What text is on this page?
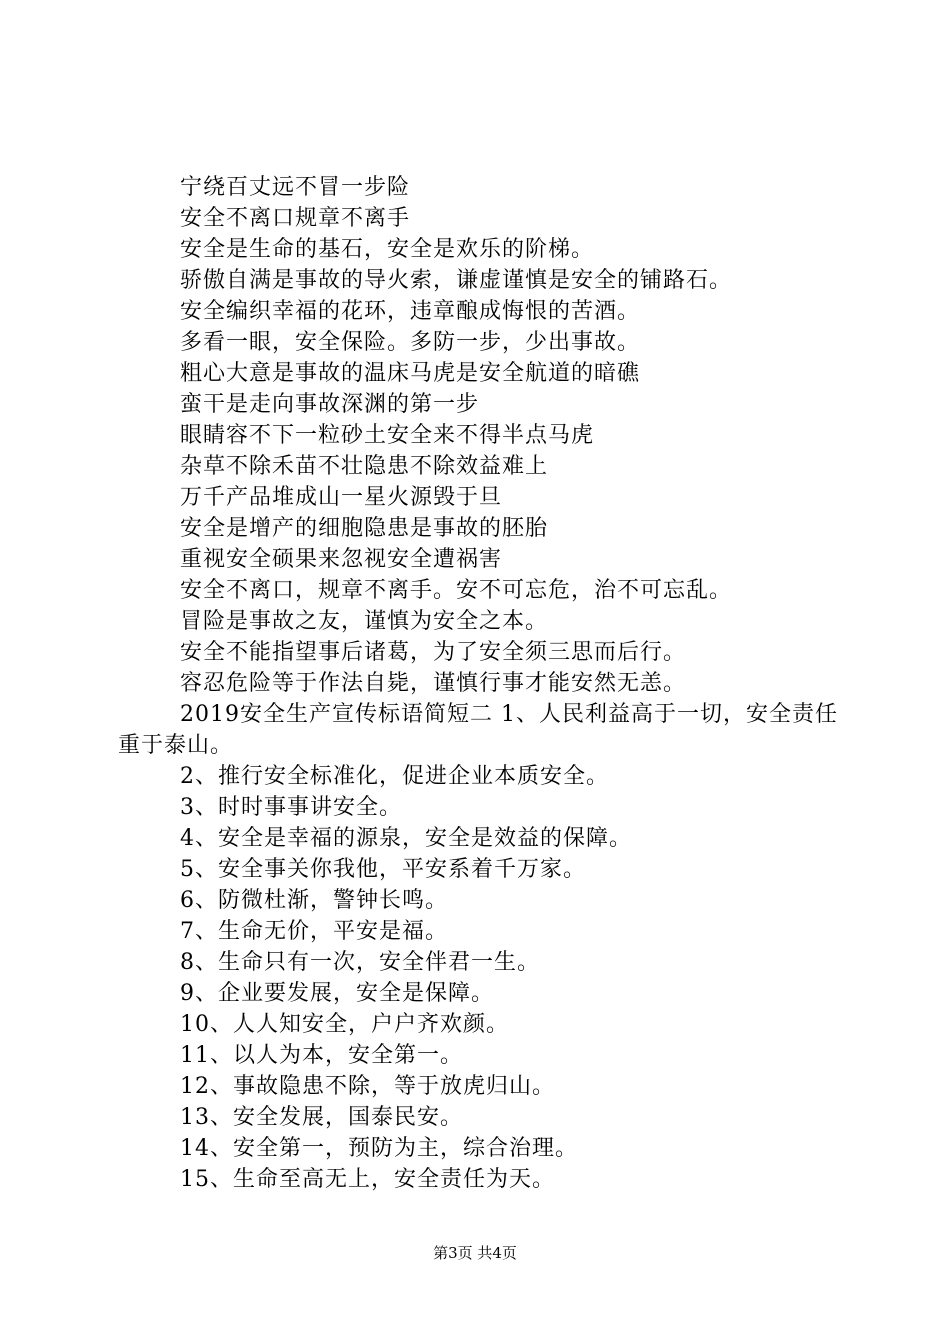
宁绕百丈远不冒一步险
安全不离口规章不离手
安全是生命的基石，安全是欢乐的阶梯。
骄傲自满是事故的导火索，谦虚谨慎是安全的铺路石。
安全编织幸福的花环，违章酿成悔恨的苦酒。
多看一眼，安全保险。多防一步，少出事故。
粗心大意是事故的温床马虎是安全航道的暗礁
蛮干是走向事故深渊的第一步
眼睛容不下一粒砂土安全来不得半点马虎
杂草不除禾苗不壮隐患不除效益难上
万千产品堆成山一星火源毁于旦
安全是增产的细胞隐患是事故的胚胎
重视安全硕果来忽视安全遭祸害
安全不离口，规章不离手。安不可忘危，治不可忘乱。
冒险是事故之友，谨慎为安全之本。
安全不能指望事后诸葛，为了安全须三思而后行。
容忍危险等于作法自毙，谨慎行事才能安然无恙。
2019安全生产宣传标语简短二 1、人民利益高于一切，安全责任重于泰山。
2、推行安全标准化，促进企业本质安全。
3、时时事事讲安全。
4、安全是幸福的源泉，安全是效益的保障。
5、安全事关你我他，平安系着千万家。
6、防微杜渐，警钟长鸣。
7、生命无价，平安是福。
8、生命只有一次，安全伴君一生。
9、企业要发展，安全是保障。
10、人人知安全，户户齐欢颜。
11、以人为本，安全第一。
12、事故隐患不除，等于放虎归山。
13、安全发展，国泰民安。
14、安全第一，预防为主，综合治理。
15、生命至高无上，安全责任为天。
第3页 共4页
